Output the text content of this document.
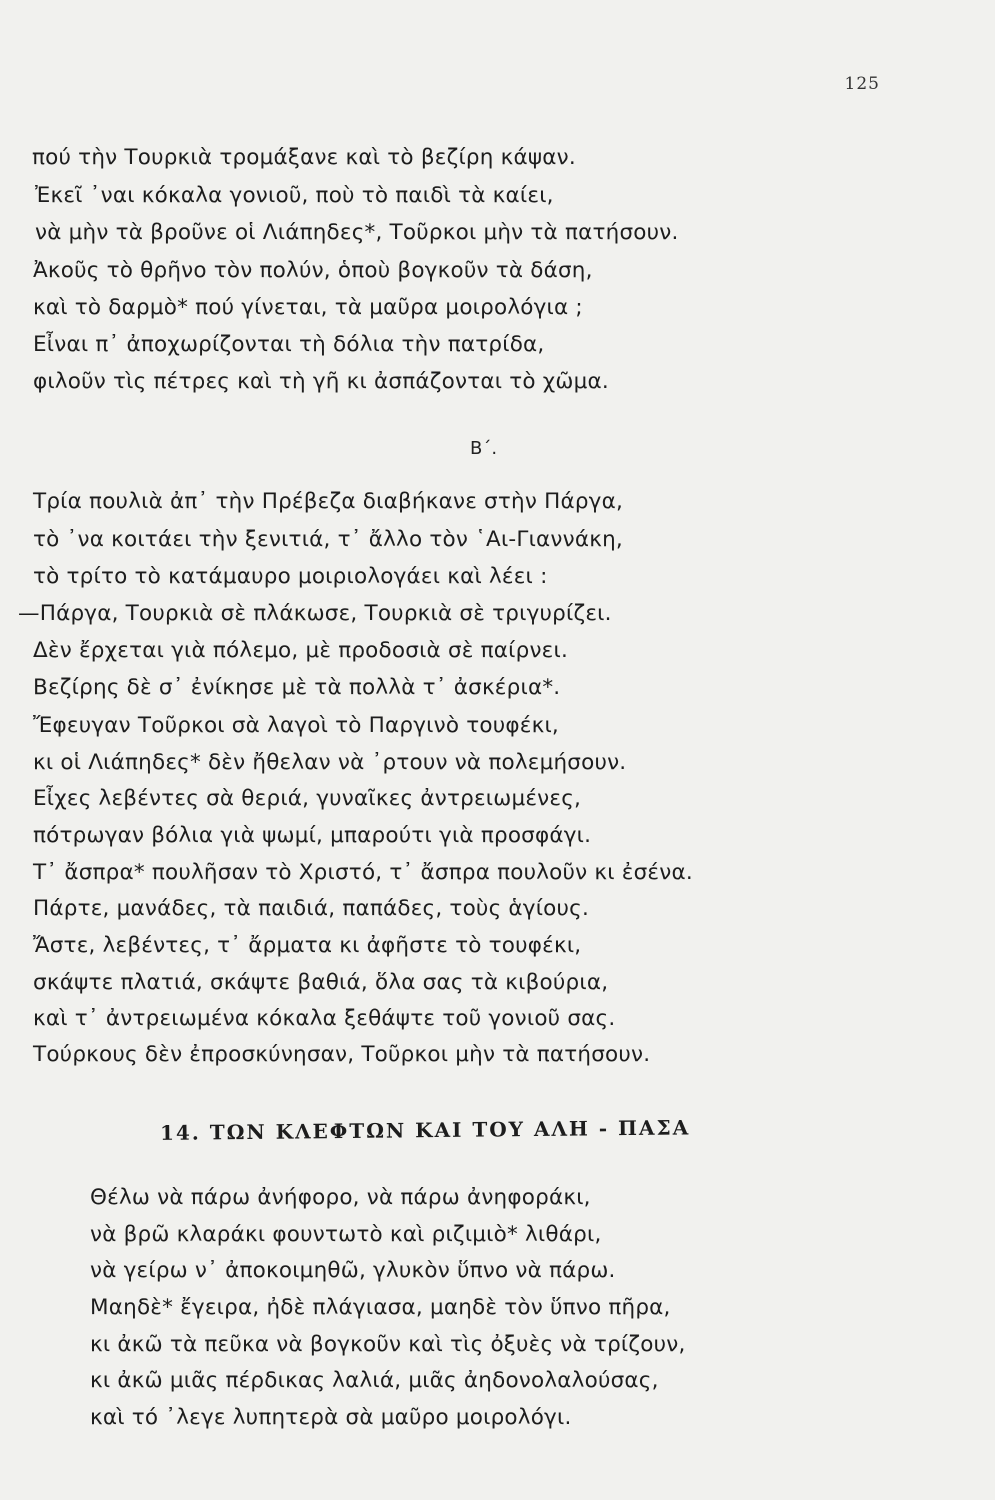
125
πού τὴν Τουρκιὰ τρομάξανε καὶ τὸ βεζίρη κάψαν.
Ἐκεῖ ᾿ναι κόκαλα γονιοῦ, ποὺ τὸ παιδὶ τὰ καίει,
νὰ μὴν τὰ βροῦνε οἱ Λιάπηδες*, Τοῦρκοι μὴν τὰ πατήσουν.
Ἀκοῦς τὸ θρῆνο τὸν πολύν, ὁποὺ βογκοῦν τὰ δάση,
καὶ τὸ δαρμὸ* πού γίνεται, τὰ μαῦρα μοιρολόγια ;
Εἶναι π᾿ ἀποχωρίζονται τὴ δόλια τὴν πατρίδα,
φιλοῦν τὶς πέτρες καὶ τὴ γῆ κι ἀσπάζονται τὸ χῶμα.
Β΄.
Τρία πουλιὰ ἀπ᾿ τὴν Πρέβεζα διαβήκανε στὴν Πάργα,
τὸ ᾿να κοιτάει τὴν ξενιτιά, τ᾿ ἄλλο τὸν ῾Αι-Γιαννάκη,
τὸ τρίτο τὸ κατάμαυρο μοιριολογάει καὶ λέει :
—Πάργα, Τουρκιὰ σὲ πλάκωσε, Τουρκιὰ σὲ τριγυρίζει.
Δὲν ἔρχεται γιὰ πόλεμο, μὲ προδοσιὰ σὲ παίρνει.
Βεζίρης δὲ σ᾿ ἐνίκησε μὲ τὰ πολλὰ τ᾿ ἀσκέρια*.
Ἔφευγαν Τοῦρκοι σὰ λαγοὶ τὸ Παργινὸ τουφέκι,
κι οἱ Λιάπηδες* δὲν ἤθελαν νὰ ᾿ρτουν νὰ πολεμήσουν.
Εἶχες λεβέντες σὰ θεριά, γυναῖκες ἀντρειωμένες,
πότρωγαν βόλια γιὰ ψωμί, μπαρούτι γιὰ προσφάγι.
Τ᾿ ἄσπρα* πουλῆσαν τὸ Χριστό, τ᾿ ἄσπρα πουλοῦν κι ἐσένα.
Πάρτε, μανάδες, τὰ παιδιά, παπάδες, τοὺς ἁγίους.
Ἄστε, λεβέντες, τ᾿ ἄρματα κι ἀφῆστε τὸ τουφέκι,
σκάψτε πλατιά, σκάψτε βαθιά, ὅλα σας τὰ κιβούρια,
καὶ τ᾿ ἀντρειωμένα κόκαλα ξεθάψτε τοῦ γονιοῦ σας.
Τούρκους δὲν ἐπροσκύνησαν, Τοῦρκοι μὴν τὰ πατήσουν.
14. ΤΩΝ ΚΛΕΦΤΩΝ ΚΑΙ ΤΟΥ ΑΛΗ - ΠΑΣΑ
Θέλω νὰ πάρω ἀνήφορο, νὰ πάρω ἀνηφοράκι,
νὰ βρῶ κλαράκι φουντωτὸ καὶ ριζιμιὸ* λιθάρι,
νὰ γείρω ν᾿ ἀποκοιμηθῶ, γλυκὸν ὕπνο νὰ πάρω.
Μαηδὲ* ἔγειρα, ἠδὲ πλάγιασα, μαηδὲ τὸν ὕπνο πῆρα,
κι ἀκῶ τὰ πεῦκα νὰ βογκοῦν καὶ τὶς ὀξυὲς νὰ τρίζουν,
κι ἀκῶ μιᾶς πέρδικας λαλιά, μιᾶς ἀηδονολαλούσας,
καὶ τό ᾿λεγε λυπητερὰ σὰ μαῦρο μοιρολόγι.
